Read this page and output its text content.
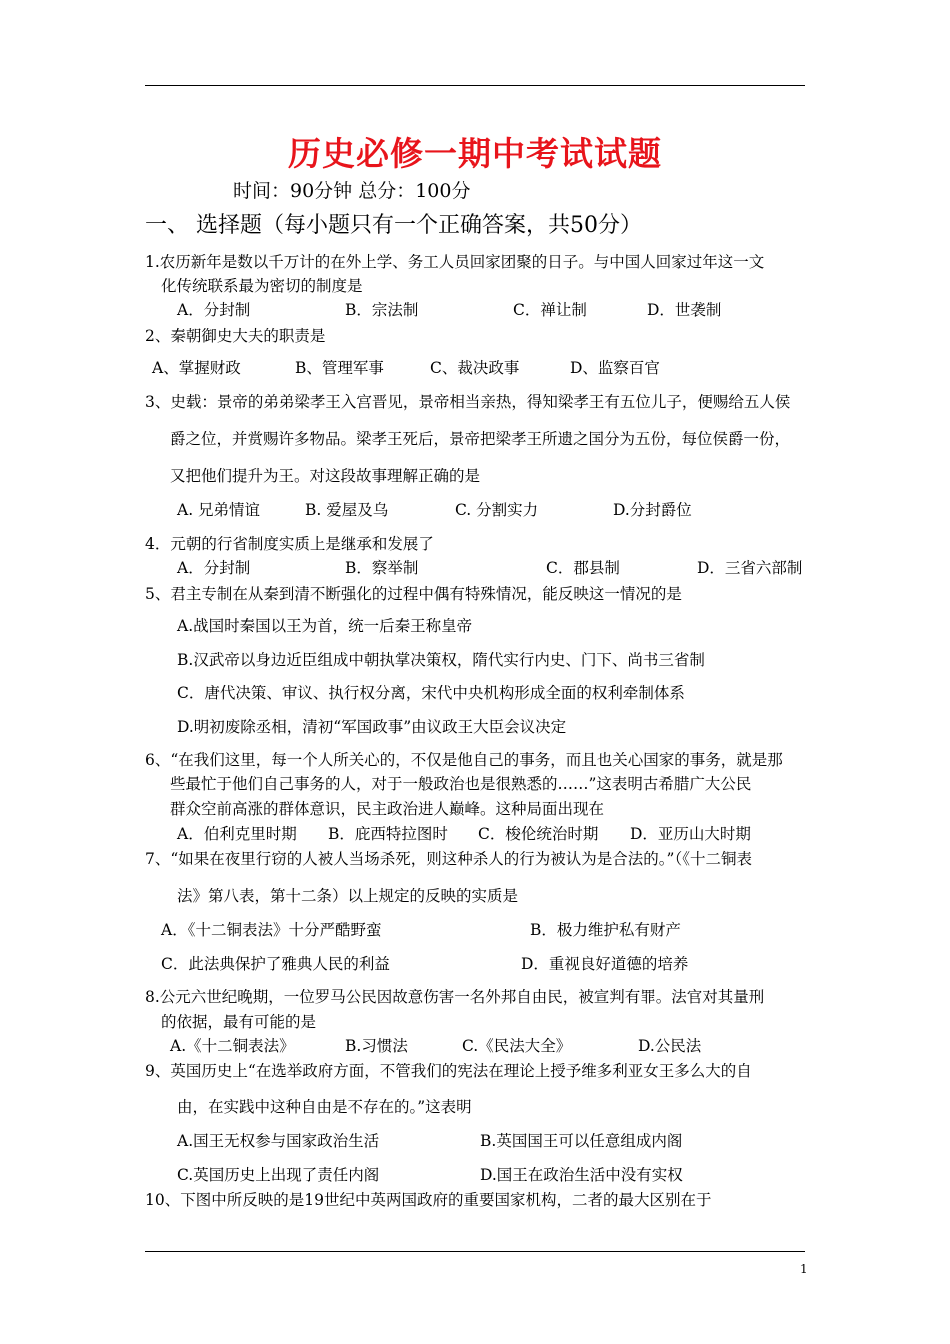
历史必修一期中考试试题
时间：90分钟 总分：100分
一、 选择题（每小题只有一个正确答案，共50分）
1.农历新年是数以千万计的在外上学、务工人员回家团聚的日子。与中国人回家过年这一文
化传统联系最为密切的制度是
A．分封制	B．宗法制	C．禅让制	D．世袭制
2、秦朝御史大夫的职责是
A、掌握财政	B、管理军事	C、裁决政事	D、监察百官
3、史载：景帝的弟弟梁孝王入宫晋见，景帝相当亲热，得知梁孝王有五位儿子，便赐给五人侯
爵之位，并赏赐许多物品。梁孝王死后，景帝把梁孝王所遗之国分为五份，每位侯爵一份，
又把他们提升为王。对这段故事理解正确的是
A. 兄弟情谊	B. 爱屋及乌	C. 分割实力	D.分封爵位
4．元朝的行省制度实质上是继承和发展了
A．分封制	B．察举制	C．郡县制	D．三省六部制
5、君主专制在从秦到清不断强化的过程中偶有特殊情况，能反映这一情况的是
A.战国时秦国以王为首，统一后秦王称皇帝
B.汉武帝以身边近臣组成中朝执掌决策权，隋代实行内史、门下、尚书三省制
C．唐代决策、审议、执行权分离，宋代中央机构形成全面的权利牵制体系
D.明初废除丞相，清初“军国政事”由议政王大臣会议决定
6、“在我们这里，每一个人所关心的，不仅是他自己的事务，而且也关心国家的事务，就是那
些最忙于他们自己事务的人，对于一般政治也是很熟悉的……”这表明古希腊广大公民
群众空前高涨的群体意识，民主政治进人巅峰。这种局面出现在
A．伯利克里时期 B．庇西特拉图时 C．梭伦统治时期 D．亚历山大时期
7、“如果在夜里行窃的人被人当场杀死，则这种杀人的行为被认为是合法的。”（《十二铜表
法》第八表，第十二条）以上规定的反映的实质是
A．《十二铜表法》十分严酷野蛮	B．极力维护私有财产
C．此法典保护了雅典人民的利益	D．重视良好道德的培养
8.公元六世纪晚期，一位罗马公民因故意伤害一名外邦自由民，被宣判有罪。法官对其量刑
的依据，最有可能的是
A.《十二铜表法》	B.习惯法	C.《民法大全》	D.公民法
9、英国历史上“在选举政府方面，不管我们的宪法在理论上授予维多利亚女王多么大的自
由，在实践中这种自由是不存在的。”这表明
A.国王无权参与国家政治生活	B.英国国王可以任意组成内阁
C.英国历史上出现了责任内阁	D.国王在政治生活中没有实权
10、下图中所反映的是19世纪中英两国政府的重要国家机构，二者的最大区别在于
1
